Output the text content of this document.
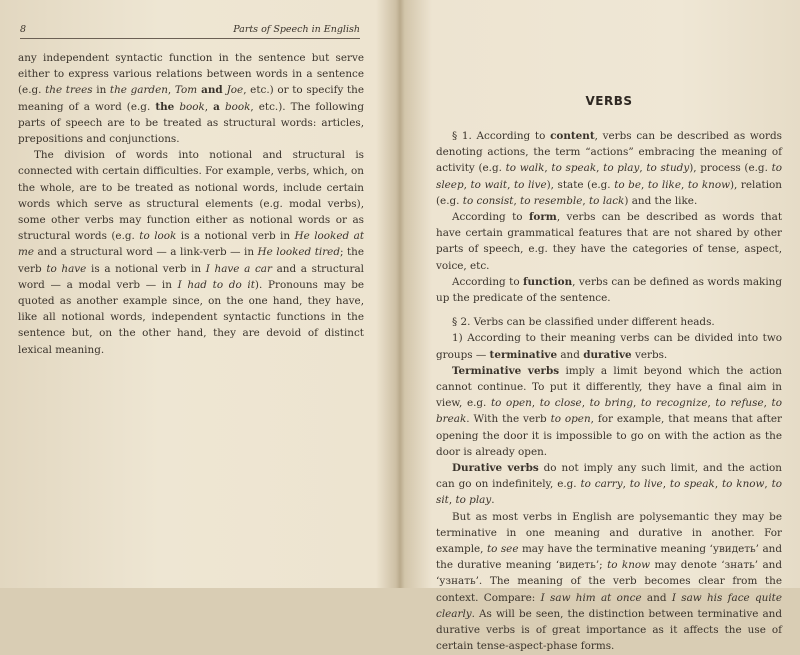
8	Parts of Speech in English

any independent syntactic function in the sentence but serve either to express various relations between words in a sentence (e.g. the trees in the garden, Tom and Joe, etc.) or to specify the meaning of a word (e.g. the book, a book, etc.). The following parts of speech are to be treated as structural words: articles, prepositions and conjunctions.

The division of words into notional and structural is connected with certain difficulties. For example, verbs, which, on the whole, are to be treated as notional words, include certain words which serve as structural elements (e.g. modal verbs), some other verbs may function either as notional words or as structural words (e.g. to look is a notional verb in He looked at me and a structural word — a link-verb — in He looked tired; the verb to have is a notional verb in I have a car and a structural word — a modal verb — in I had to do it). Pronouns may be quoted as another example since, on the one hand, they have, like all notional words, independent syntactic functions in the sentence but, on the other hand, they are devoid of distinct lexical meaning.

VERBS

§ 1. According to content, verbs can be described as words denoting actions, the term “actions” embracing the meaning of activity (e.g. to walk, to speak, to play, to study), process (e.g. to sleep, to wait, to live), state (e.g. to be, to like, to know), relation (e.g. to consist, to resemble, to lack) and the like.

According to form, verbs can be described as words that have certain grammatical features that are not shared by other parts of speech, e.g. they have the categories of tense, aspect, voice, etc.

According to function, verbs can be defined as words making up the predicate of the sentence.

§ 2. Verbs can be classified under different heads.

1) According to their meaning verbs can be divided into two groups — terminative and durative verbs.

Terminative verbs imply a limit beyond which the action cannot continue. To put it differently, they have a final aim in view, e.g. to open, to close, to bring, to recognize, to refuse, to break. With the verb to open, for example, that means that after opening the door it is impossible to go on with the action as the door is already open.

Durative verbs do not imply any such limit, and the action can go on indefinitely, e.g. to carry, to live, to speak, to know, to sit, to play.

But as most verbs in English are polysemantic they may be terminative in one meaning and durative in another. For example, to see may have the terminative meaning ‘увидеть’ and the durative meaning ‘видеть’; to know may denote ‘знать’ and ‘узнать’. The meaning of the verb becomes clear from the context. Compare: I saw him at once and I saw his face quite clearly. As will be seen, the distinction between terminative and durative verbs is of great importance as it affects the use of certain tense-aspect-phase forms.
